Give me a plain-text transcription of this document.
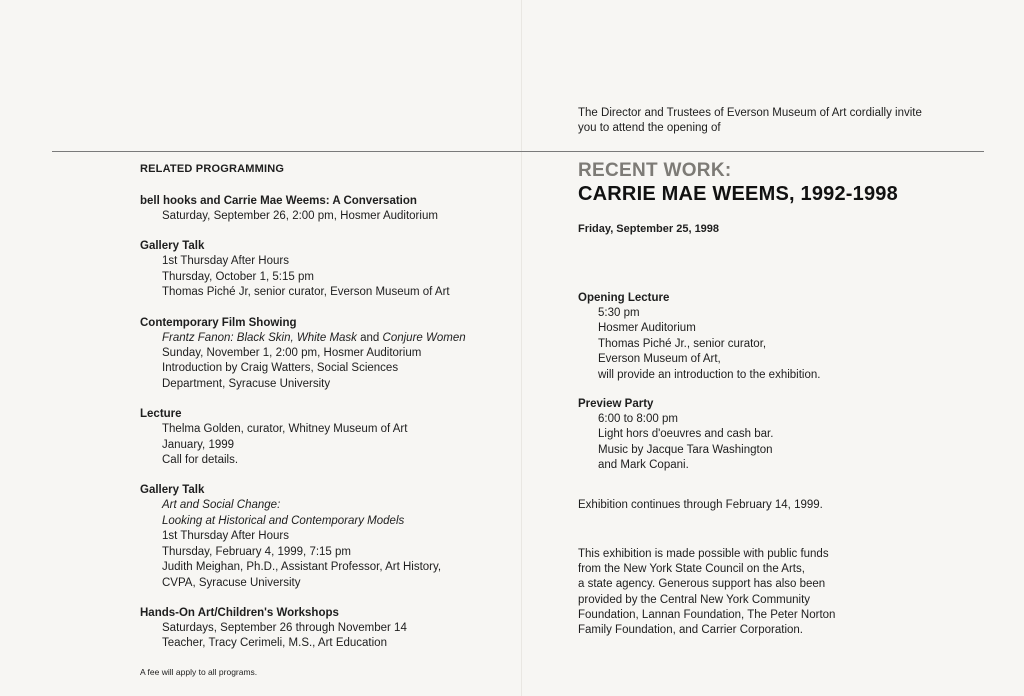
The Director and Trustees of Everson Museum of Art cordially invite
you to attend the opening of
RELATED PROGRAMMING
bell hooks and Carrie Mae Weems: A Conversation
Saturday, September 26, 2:00 pm, Hosmer Auditorium
Gallery Talk
1st Thursday After Hours
Thursday, October 1, 5:15 pm
Thomas Piché Jr, senior curator, Everson Museum of Art
Contemporary Film Showing
Frantz Fanon: Black Skin, White Mask and Conjure Women
Sunday, November 1, 2:00 pm, Hosmer Auditorium
Introduction by Craig Watters, Social Sciences
Department, Syracuse University
Lecture
Thelma Golden, curator, Whitney Museum of Art
January, 1999
Call for details.
Gallery Talk
Art and Social Change:
Looking at Historical and Contemporary Models
1st Thursday After Hours
Thursday, February 4, 1999, 7:15 pm
Judith Meighan, Ph.D., Assistant Professor, Art History,
CVPA, Syracuse University
Hands-On Art/Children's Workshops
Saturdays, September 26 through November 14
Teacher, Tracy Cerimeli, M.S., Art Education
A fee will apply to all programs.
RECENT WORK:
CARRIE MAE WEEMS, 1992-1998
Friday, September 25, 1998
Opening Lecture
5:30 pm
Hosmer Auditorium
Thomas Piché Jr., senior curator,
Everson Museum of Art,
will provide an introduction to the exhibition.
Preview Party
6:00 to 8:00 pm
Light hors d'oeuvres and cash bar.
Music by Jacque Tara Washington
and Mark Copani.
Exhibition continues through February 14, 1999.
This exhibition is made possible with public funds
from the New York State Council on the Arts,
a state agency. Generous support has also been
provided by the Central New York Community
Foundation, Lannan Foundation, The Peter Norton
Family Foundation, and Carrier Corporation.
